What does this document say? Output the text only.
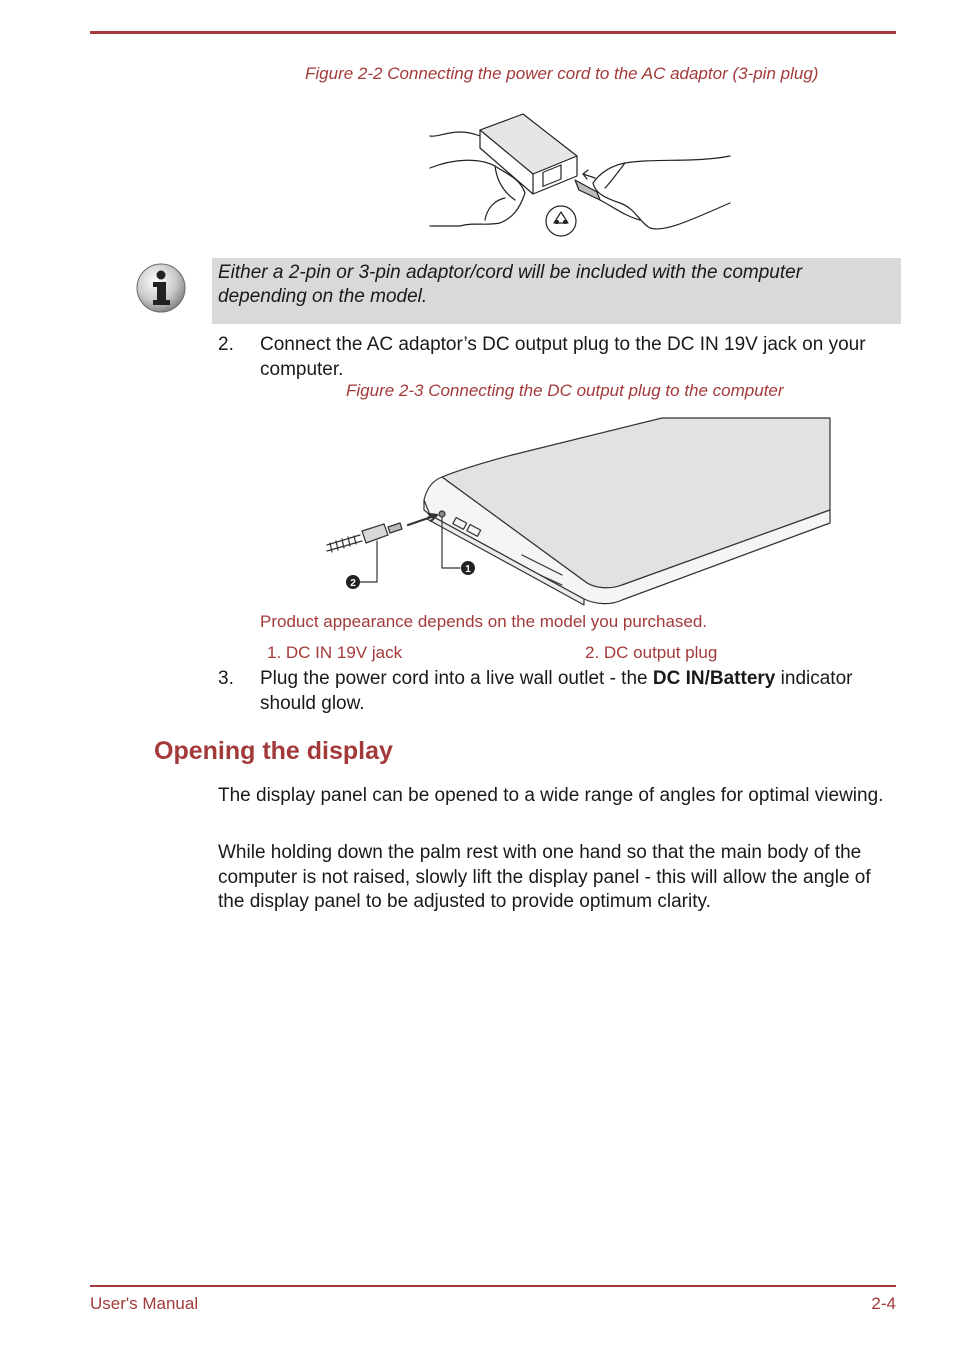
Figure 2-2 Connecting the power cord to the AC adaptor (3-pin plug)
Either a 2-pin or 3-pin adaptor/cord will be included with the computer depending on the model.
2. Connect the AC adaptor’s DC output plug to the DC IN 19V jack on your computer.
Figure 2-3 Connecting the DC output plug to the computer
1
2
Product appearance depends on the model you purchased.
1. DC IN 19V jack	2. DC output plug
3. Plug the power cord into a live wall outlet - the DC IN/Battery indicator should glow.
Opening the display
The display panel can be opened to a wide range of angles for optimal viewing.
While holding down the palm rest with one hand so that the main body of the computer is not raised, slowly lift the display panel - this will allow the angle of the display panel to be adjusted to provide optimum clarity.
User's Manual	2-4
